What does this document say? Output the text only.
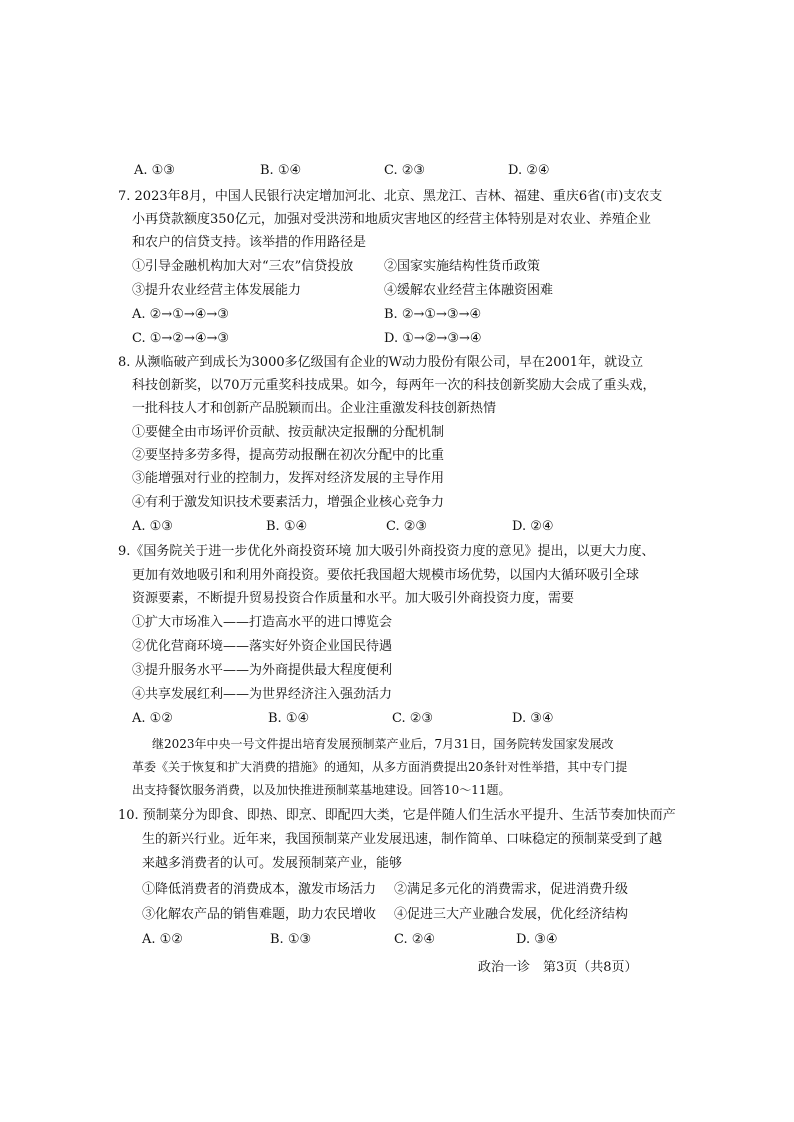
A. ①③	B. ①④	C. ②③	D. ②④
7. 2023年8月，中国人民银行决定增加河北、北京、黑龙江、吉林、福建、重庆6省(市)支农支
小再贷款额度350亿元，加强对受洪涝和地质灾害地区的经营主体特别是对农业、养殖企业
和农户的信贷支持。该举措的作用路径是
①引导金融机构加大对“三农”信贷投放 ②国家实施结构性货币政策
③提升农业经营主体发展能力	④缓解农业经营主体融资困难
A. ②→①→④→③	B. ②→①→③→④
C. ①→②→④→③	D. ①→②→③→④
8. 从濒临破产到成长为3000多亿级国有企业的W动力股份有限公司，早在2001年，就设立
科技创新奖，以70万元重奖科技成果。如今，每两年一次的科技创新奖励大会成了重头戏，
一批科技人才和创新产品脱颖而出。企业注重激发科技创新热情
①要健全由市场评价贡献、按贡献决定报酬的分配机制
②要坚持多劳多得，提高劳动报酬在初次分配中的比重
③能增强对行业的控制力，发挥对经济发展的主导作用
④有利于激发知识技术要素活力，增强企业核心竞争力
A. ①③	B. ①④	C. ②③	D. ②④
9.《国务院关于进一步优化外商投资环境 加大吸引外商投资力度的意见》提出，以更大力度、
更加有效地吸引和利用外商投资。要依托我国超大规模市场优势，以国内大循环吸引全球
资源要素，不断提升贸易投资合作质量和水平。加大吸引外商投资力度，需要
①扩大市场准入——打造高水平的进口博览会
②优化营商环境——落实好外资企业国民待遇
③提升服务水平——为外商提供最大程度便利
④共享发展红利——为世界经济注入强劲活力
A. ①②	B. ①④	C. ②③	D. ③④
继2023年中央一号文件提出培育发展预制菜产业后，7月31日，国务院转发国家发展改
革委《关于恢复和扩大消费的措施》的通知，从多方面消费提出20条针对性举措，其中专门提
出支持餐饮服务消费，以及加快推进预制菜基地建设。回答10～11题。
10. 预制菜分为即食、即热、即烹、即配四大类，它是伴随人们生活水平提升、生活节奏加快而产
生的新兴行业。近年来，我国预制菜产业发展迅速，制作简单、口味稳定的预制菜受到了越
来越多消费者的认可。发展预制菜产业，能够
①降低消费者的消费成本，激发市场活力 ②满足多元化的消费需求，促进消费升级
③化解农产品的销售难题，助力农民增收 ④促进三大产业融合发展，优化经济结构
A. ①②	B. ①③	C. ②④	D. ③④
政治一诊　第3页（共8页）
